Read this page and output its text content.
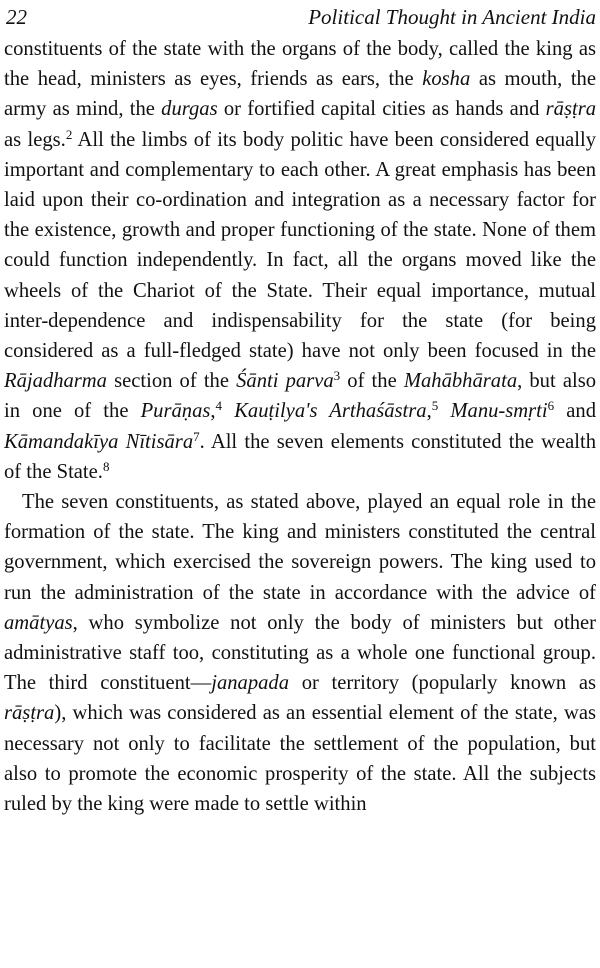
22	Political Thought in Ancient India

constituents of the state with the organs of the body, called the king as the head, ministers as eyes, friends as ears, the kosha as mouth, the army as mind, the durgas or fortified capital cities as hands and rāṣṭra as legs.$^2$ All the limbs of its body politic have been considered equally important and complementary to each other. A great emphasis has been laid upon their co-ordination and integration as a necessary factor for the existence, growth and proper functioning of the state. None of them could function independently. In fact, all the organs moved like the wheels of the Chariot of the State. Their equal importance, mutual inter-dependence and indispensability for the state (for being considered as a full-fledged state) have not only been focused in the Rājadharma section of the Śānti parva$^3$ of the Mahābhārata, but also in one of the Purāṇas,$^4$ Kauṭilya's Arthaśāstra,$^5$ Manu-smṛti$^6$ and Kāmandakīya Nītisāra$^7$. All the seven elements constituted the wealth of the State.$^8$

The seven constituents, as stated above, played an equal role in the formation of the state. The king and ministers constituted the central government, which exercised the sovereign powers. The king used to run the administration of the state in accordance with the advice of amātyas, who symbolize not only the body of ministers but other administrative staff too, constituting as a whole one functional group. The third constituent—janapada or territory (popularly known as rāṣṭra), which was considered as an essential element of the state, was necessary not only to facilitate the settlement of the population, but also to promote the economic prosperity of the state. All the subjects ruled by the king were made to settle within
